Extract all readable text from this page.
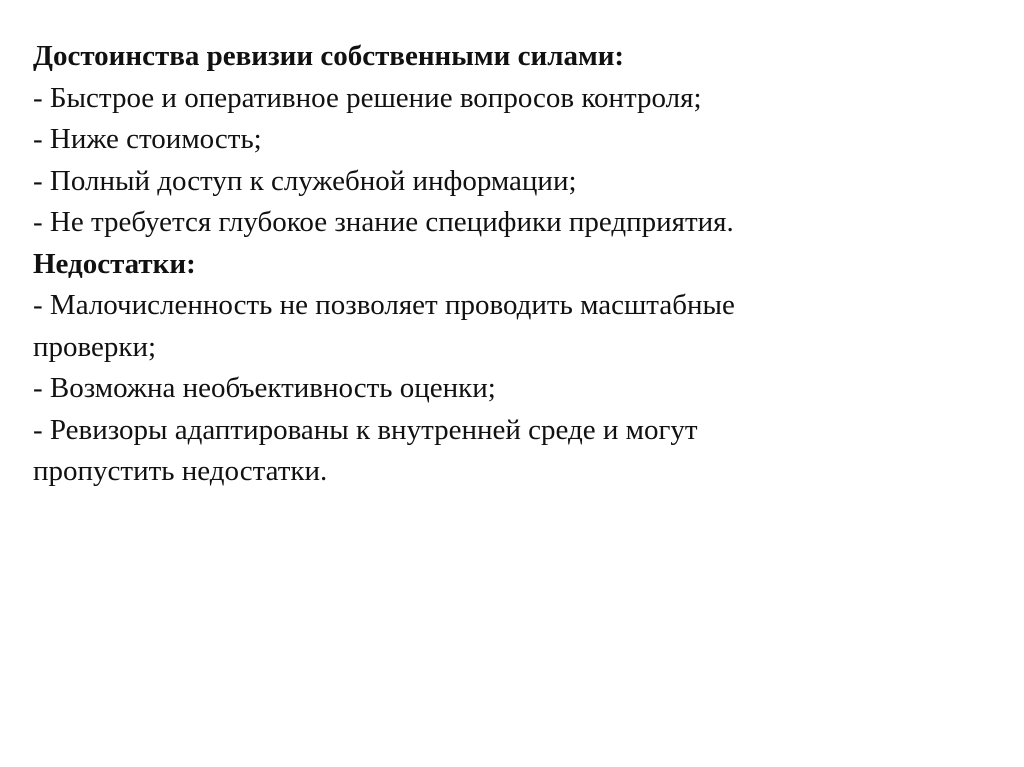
Достоинства ревизии собственными силами:
- Быстрое и оперативное решение вопросов контроля;
- Ниже стоимость;
- Полный доступ к служебной информации;
- Не требуется глубокое знание специфики предприятия.
Недостатки:
- Малочисленность не позволяет проводить масштабные
проверки;
- Возможна необъективность оценки;
- Ревизоры адаптированы к внутренней среде и могут
пропустить недостатки.
